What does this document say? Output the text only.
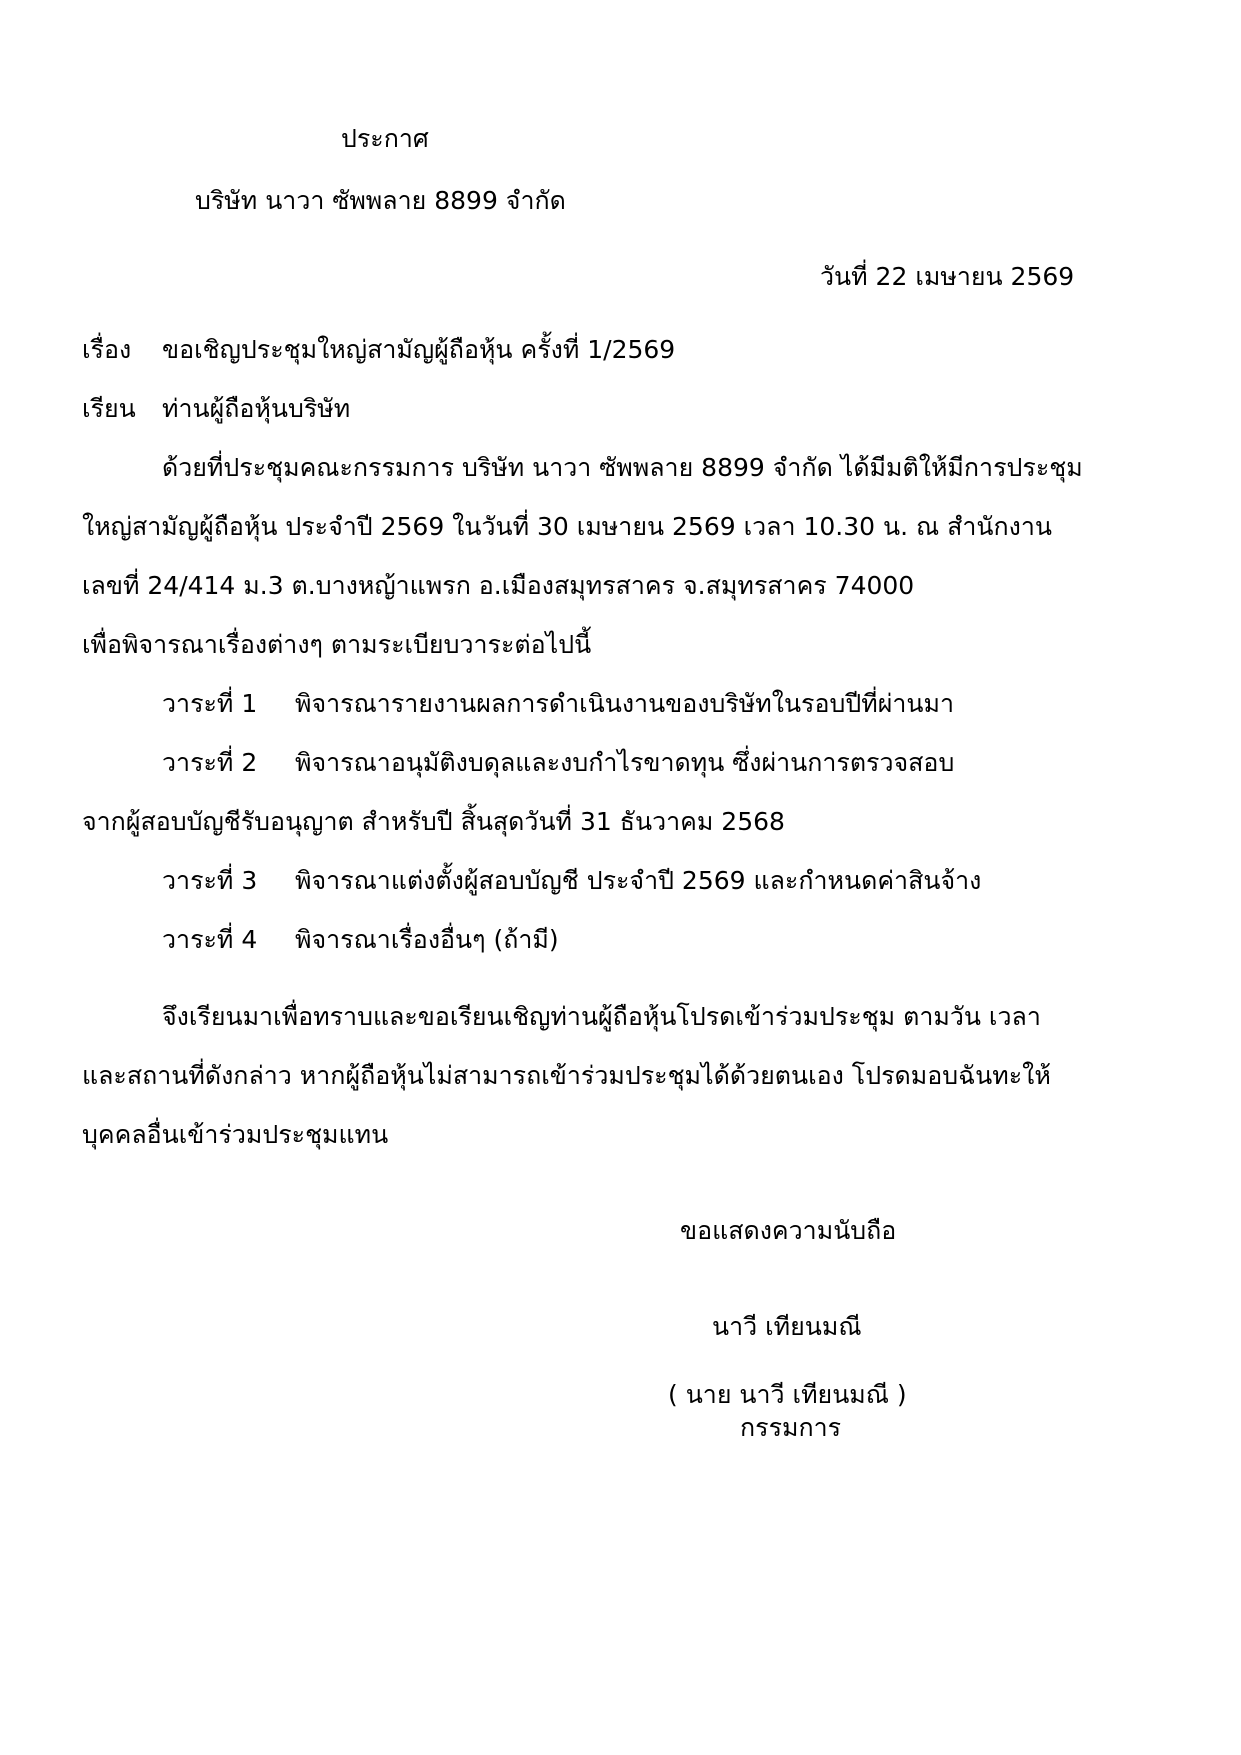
ประกาศ
บริษัท นาวา ซัพพลาย 8899 จำกัด
วันที่ 22 เมษายน 2569
เรื่อง ขอเชิญประชุมใหญ่สามัญผู้ถือหุ้น ครั้งที่ 1/2569
เรียน ท่านผู้ถือหุ้นบริษัท
ด้วยที่ประชุมคณะกรรมการ บริษัท นาวา ซัพพลาย 8899 จำกัด ได้มีมติให้มีการประชุม
ใหญ่สามัญผู้ถือหุ้น ประจำปี 2569 ในวันที่ 30 เมษายน 2569 เวลา 10.30 น. ณ สำนักงาน
เลขที่ 24/414 ม.3 ต.บางหญ้าแพรก อ.เมืองสมุทรสาคร จ.สมุทรสาคร 74000
เพื่อพิจารณาเรื่องต่างๆ ตามระเบียบวาระต่อไปนี้
วาระที่ 1 พิจารณารายงานผลการดำเนินงานของบริษัทในรอบปีที่ผ่านมา
วาระที่ 2 พิจารณาอนุมัติงบดุลและงบกำไรขาดทุน ซึ่งผ่านการตรวจสอบ
จากผู้สอบบัญชีรับอนุญาต สำหรับปี สิ้นสุดวันที่ 31 ธันวาคม 2568
วาระที่ 3 พิจารณาแต่งตั้งผู้สอบบัญชี ประจำปี 2569 และกำหนดค่าสินจ้าง
วาระที่ 4 พิจารณาเรื่องอื่นๆ (ถ้ามี)
จึงเรียนมาเพื่อทราบและขอเรียนเชิญท่านผู้ถือหุ้นโปรดเข้าร่วมประชุม ตามวัน เวลา
และสถานที่ดังกล่าว หากผู้ถือหุ้นไม่สามารถเข้าร่วมประชุมได้ด้วยตนเอง โปรดมอบฉันทะให้
บุคคลอื่นเข้าร่วมประชุมแทน
ขอแสดงความนับถือ
นาวี เทียนมณี
( นาย นาวี เทียนมณี )
กรรมการ
